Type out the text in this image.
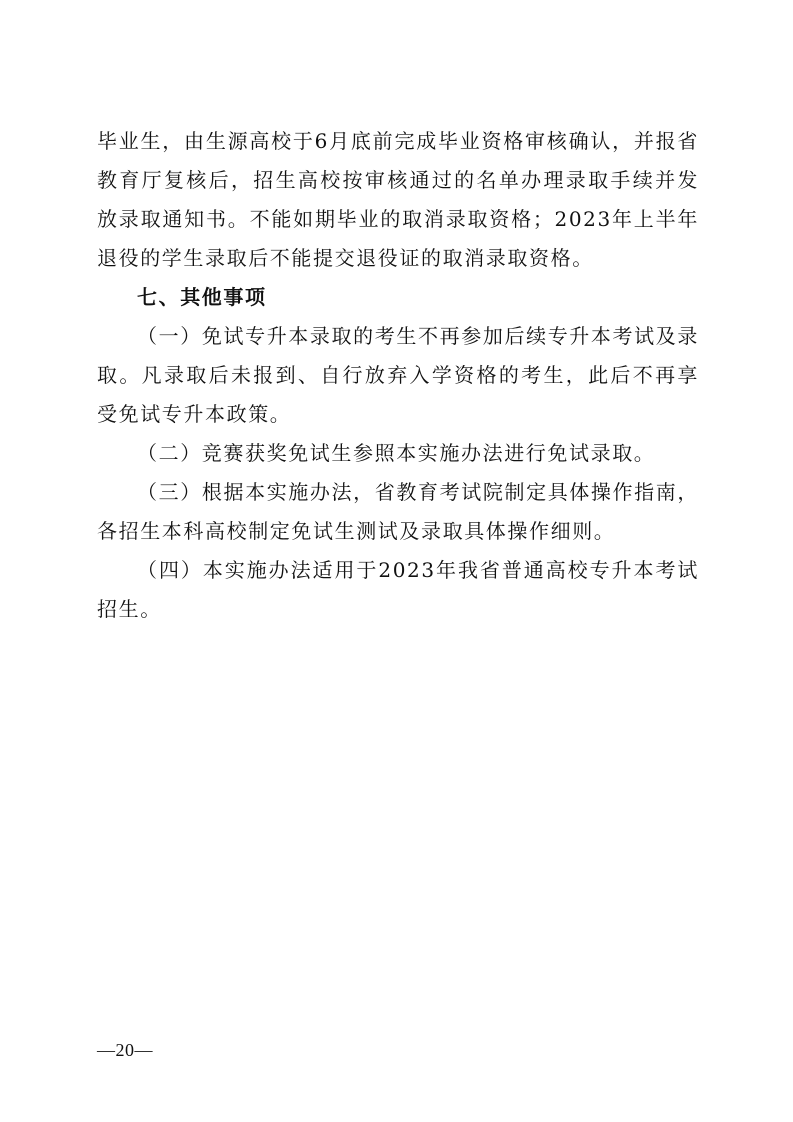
毕业生，由生源高校于6月底前完成毕业资格审核确认，并报省教育厅复核后，招生高校按审核通过的名单办理录取手续并发放录取通知书。不能如期毕业的取消录取资格；2023年上半年退役的学生录取后不能提交退役证的取消录取资格。

七、其他事项

（一）免试专升本录取的考生不再参加后续专升本考试及录取。凡录取后未报到、自行放弃入学资格的考生，此后不再享受免试专升本政策。

（二）竞赛获奖免试生参照本实施办法进行免试录取。

（三）根据本实施办法，省教育考试院制定具体操作指南，各招生本科高校制定免试生测试及录取具体操作细则。

（四）本实施办法适用于2023年我省普通高校专升本考试招生。

—20—
